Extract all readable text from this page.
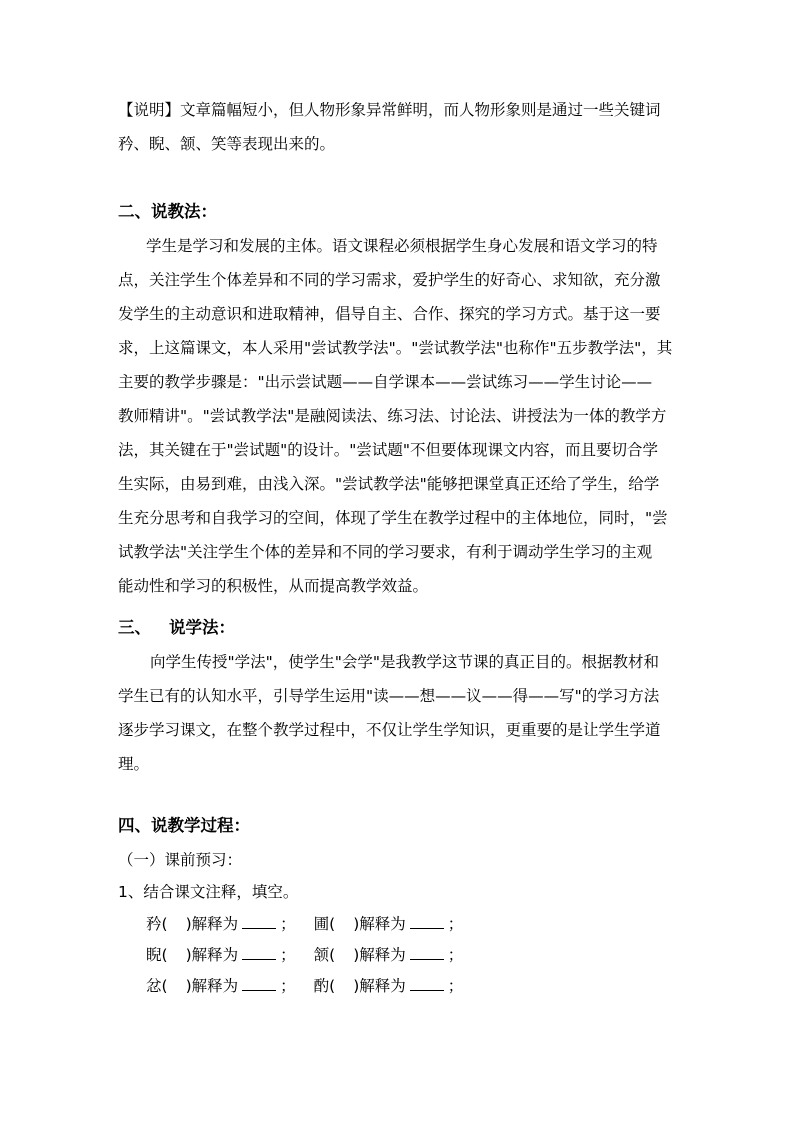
【说明】文章篇幅短小，但人物形象异常鲜明，而人物形象则是通过一些关键词
矜、睨、颔、笑等表现出来的。
二、说教法：
学生是学习和发展的主体。语文课程必须根据学生身心发展和语文学习的特
点，关注学生个体差异和不同的学习需求，爱护学生的好奇心、求知欲，充分激
发学生的主动意识和进取精神，倡导自主、合作、探究的学习方式。基于这一要
求，上这篇课文，本人采用"尝试教学法"。"尝试教学法"也称作"五步教学法"，其
主要的教学步骤是："出示尝试题——自学课本——尝试练习——学生讨论——
教师精讲"。"尝试教学法"是融阅读法、练习法、讨论法、讲授法为一体的教学方
法，其关键在于"尝试题"的设计。"尝试题"不但要体现课文内容，而且要切合学
生实际，由易到难，由浅入深。"尝试教学法"能够把课堂真正还给了学生，给学
生充分思考和自我学习的空间，体现了学生在教学过程中的主体地位，同时，"尝
试教学法"关注学生个体的差异和不同的学习要求，有利于调动学生学习的主观
能动性和学习的积极性，从而提高教学效益。
三、 说学法：
向学生传授"学法"，使学生"会学"是我教学这节课的真正目的。根据教材和
学生已有的认知水平，引导学生运用"读——想——议——得——写"的学习方法
逐步学习课文，在整个教学过程中，不仅让学生学知识，更重要的是让学生学道
理。
四、说教学过程：
（一）课前预习：
1、结合课文注释，填空。
矜( )解释为	； 圃( )解释为	；
睨( )解释为	； 颔( )解释为	；
忿( )解释为	； 酌( )解释为	；
